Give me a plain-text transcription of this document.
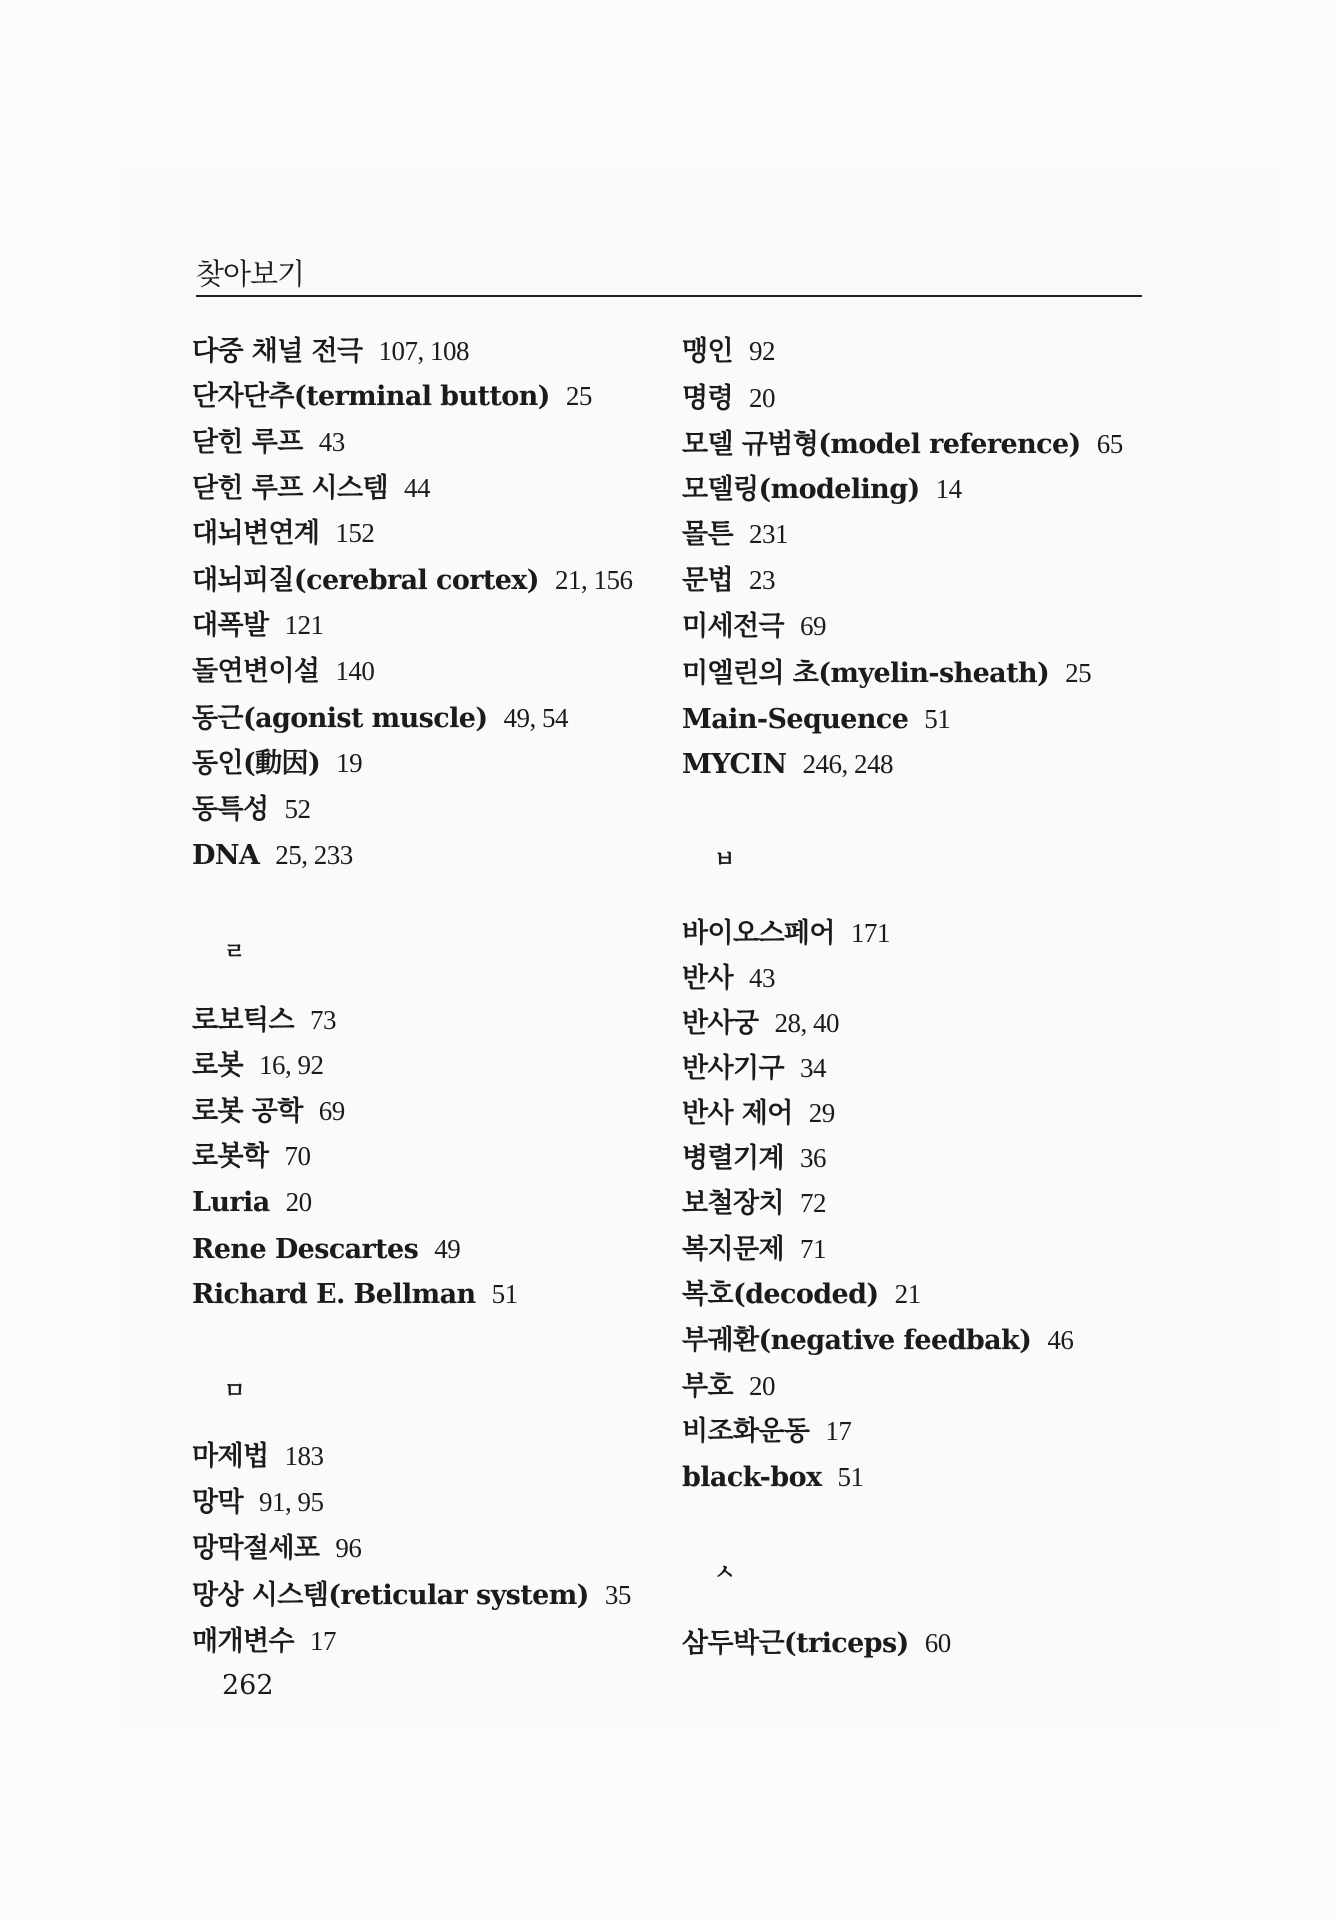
찾아보기
다중 채널 전극 107, 108
단자단추(terminal button) 25
닫힌 루프 43
닫힌 루프 시스템 44
대뇌변연계 152
대뇌피질(cerebral cortex) 21, 156
대폭발 121
돌연변이설 140
동근(agonist muscle) 49, 54
동인(動因) 19
동특성 52
DNA 25, 233
ㄹ
로보틱스 73
로봇 16, 92
로봇 공학 69
로봇학 70
Luria 20
Rene Descartes 49
Richard E. Bellman 51
ㅁ
마제법 183
망막 91, 95
망막절세포 96
망상 시스템(reticular system) 35
매개변수 17
맹인 92
명령 20
모델 규범형(model reference) 65
모델링(modeling) 14
몰튼 231
문법 23
미세전극 69
미엘린의 초(myelin-sheath) 25
Main-Sequence 51
MYCIN 246, 248
ㅂ
바이오스페어 171
반사 43
반사궁 28, 40
반사기구 34
반사 제어 29
병렬기계 36
보철장치 72
복지문제 71
복호(decoded) 21
부궤환(negative feedbak) 46
부호 20
비조화운동 17
black-box 51
ㅅ
삼두박근(triceps) 60
262
